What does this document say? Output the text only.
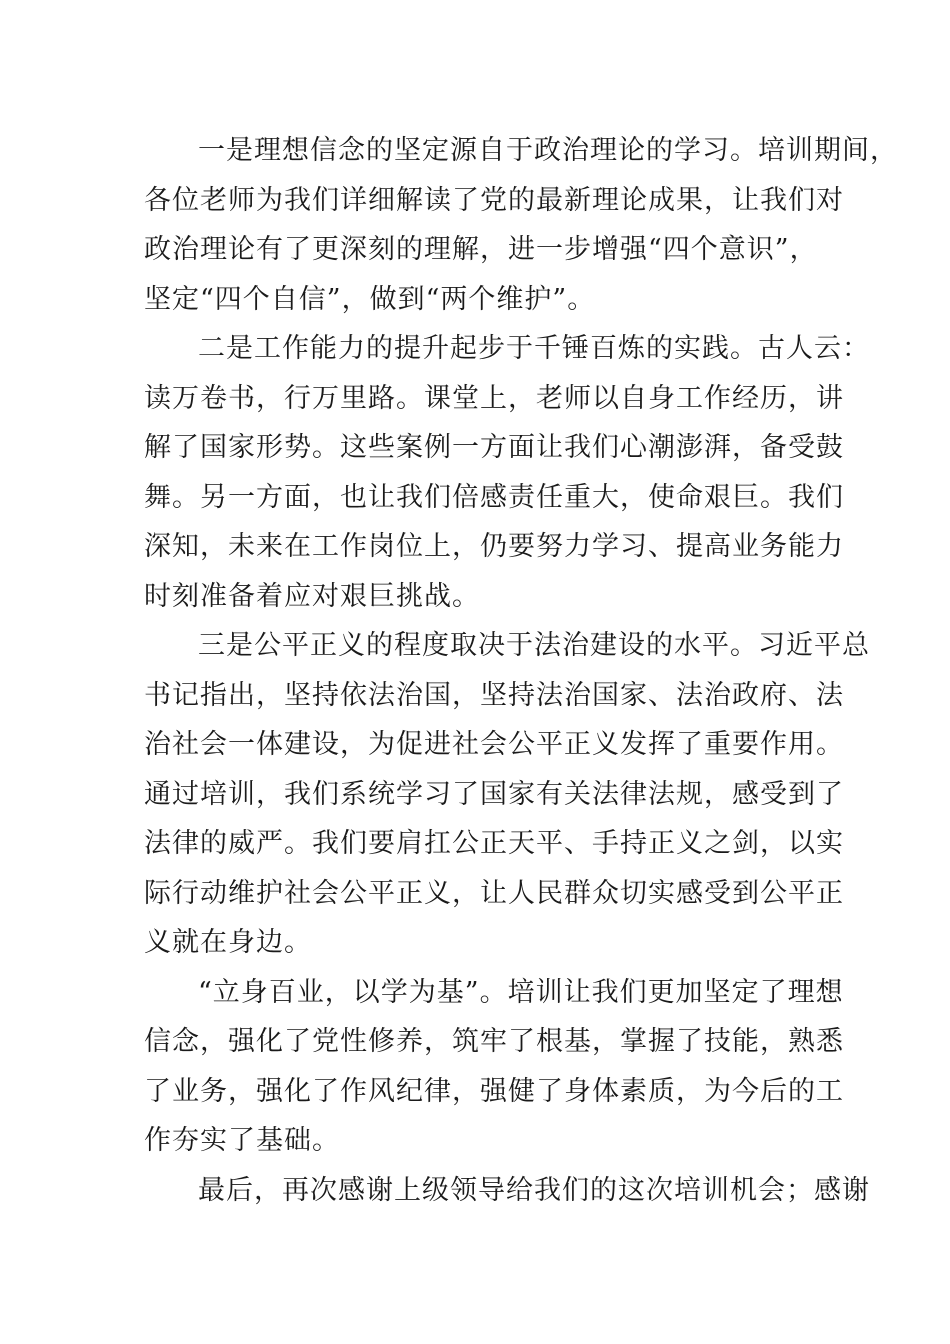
一是理想信念的坚定源自于政治理论的学习。培训期间，
各位老师为我们详细解读了党的最新理论成果，让我们对
政治理论有了更深刻的理解，进一步增强“四个意识”，
坚定“四个自信”，做到“两个维护”。

二是工作能力的提升起步于千锤百炼的实践。古人云：
读万卷书，行万里路。课堂上，老师以自身工作经历，讲
解了国家形势。这些案例一方面让我们心潮澎湃，备受鼓
舞。另一方面，也让我们倍感责任重大，使命艰巨。我们
深知，未来在工作岗位上，仍要努力学习、提高业务能力
时刻准备着应对艰巨挑战。

三是公平正义的程度取决于法治建设的水平。习近平总
书记指出，坚持依法治国，坚持法治国家、法治政府、法
治社会一体建设，为促进社会公平正义发挥了重要作用。
通过培训，我们系统学习了国家有关法律法规，感受到了
法律的威严。我们要肩扛公正天平、手持正义之剑，以实
际行动维护社会公平正义，让人民群众切实感受到公平正
义就在身边。

“立身百业，以学为基”。培训让我们更加坚定了理想
信念，强化了党性修养，筑牢了根基，掌握了技能，熟悉
了业务，强化了作风纪律，强健了身体素质，为今后的工
作夯实了基础。

最后，再次感谢上级领导给我们的这次培训机会；感谢
